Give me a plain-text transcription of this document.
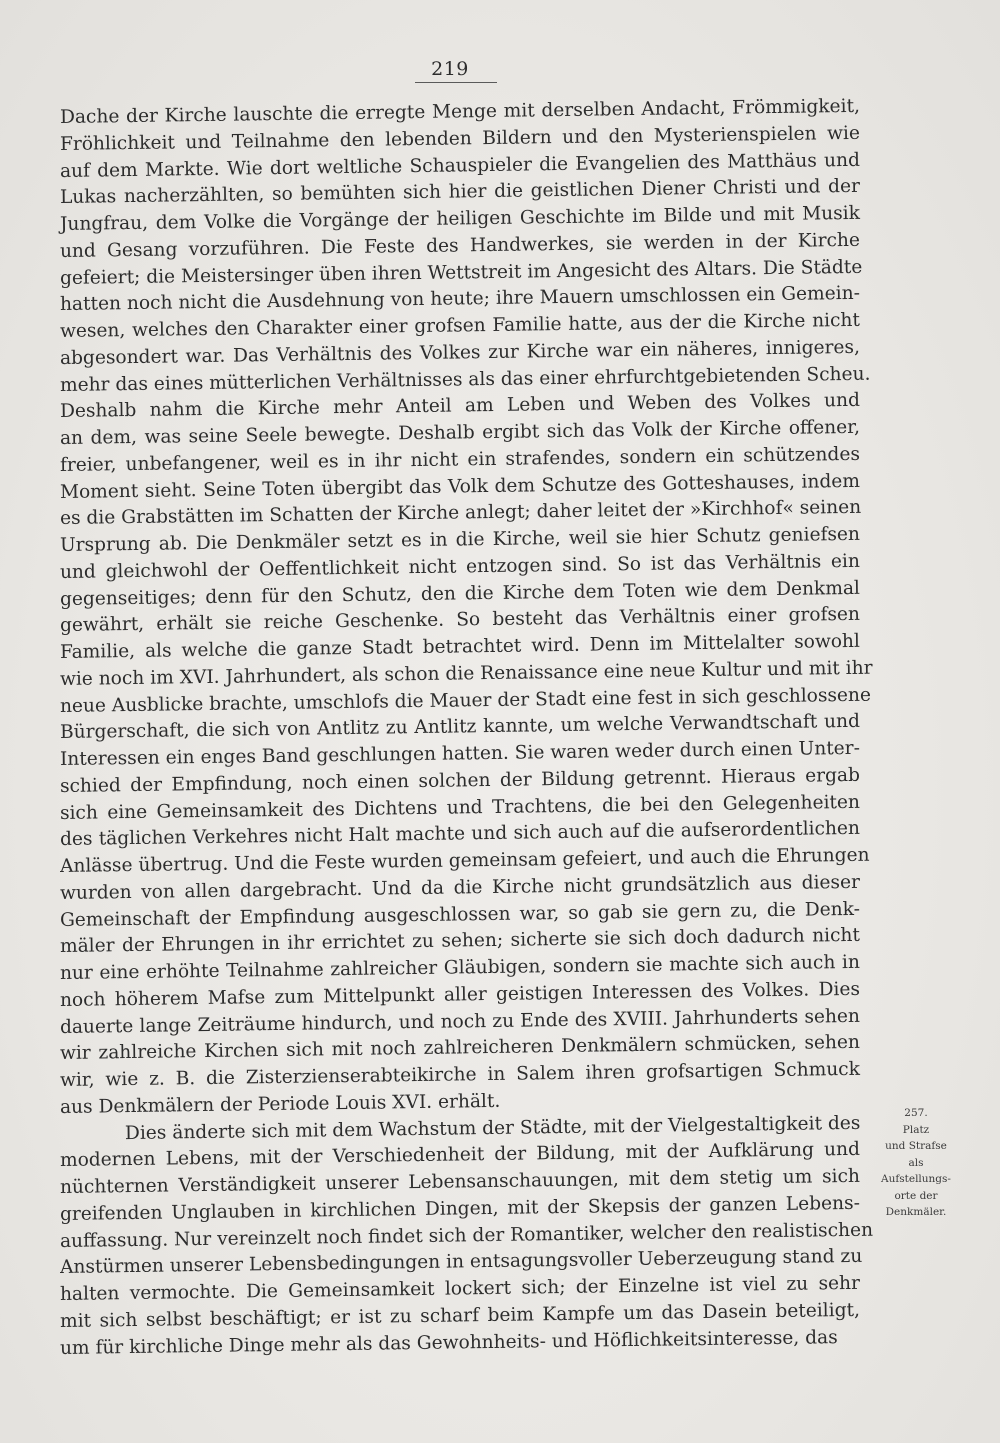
219
Dache der Kirche lauschte die erregte Menge mit derselben Andacht, Frömmigkeit,
Fröhlichkeit und Teilnahme den lebenden Bildern und den Mysterienspielen wie
auf dem Markte. Wie dort weltliche Schauspieler die Evangelien des Matthäus und
Lukas nacherzählten, so bemühten sich hier die geistlichen Diener Christi und der
Jungfrau, dem Volke die Vorgänge der heiligen Geschichte im Bilde und mit Musik
und Gesang vorzuführen. Die Feste des Handwerkes, sie werden in der Kirche
gefeiert; die Meistersinger üben ihren Wettstreit im Angesicht des Altars. Die Städte
hatten noch nicht die Ausdehnung von heute; ihre Mauern umschlossen ein Gemein-
wesen, welches den Charakter einer grofsen Familie hatte, aus der die Kirche nicht
abgesondert war. Das Verhältnis des Volkes zur Kirche war ein näheres, innigeres,
mehr das eines mütterlichen Verhältnisses als das einer ehrfurchtgebietenden Scheu.
Deshalb nahm die Kirche mehr Anteil am Leben und Weben des Volkes und
an dem, was seine Seele bewegte. Deshalb ergibt sich das Volk der Kirche offener,
freier, unbefangener, weil es in ihr nicht ein strafendes, sondern ein schützendes
Moment sieht. Seine Toten übergibt das Volk dem Schutze des Gotteshauses, indem
es die Grabstätten im Schatten der Kirche anlegt; daher leitet der »Kirchhof« seinen
Ursprung ab. Die Denkmäler setzt es in die Kirche, weil sie hier Schutz geniefsen
und gleichwohl der Oeffentlichkeit nicht entzogen sind. So ist das Verhältnis ein
gegenseitiges; denn für den Schutz, den die Kirche dem Toten wie dem Denkmal
gewährt, erhält sie reiche Geschenke. So besteht das Verhältnis einer grofsen
Familie, als welche die ganze Stadt betrachtet wird. Denn im Mittelalter sowohl
wie noch im XVI. Jahrhundert, als schon die Renaissance eine neue Kultur und mit ihr
neue Ausblicke brachte, umschlofs die Mauer der Stadt eine fest in sich geschlossene
Bürgerschaft, die sich von Antlitz zu Antlitz kannte, um welche Verwandtschaft und
Interessen ein enges Band geschlungen hatten. Sie waren weder durch einen Unter-
schied der Empfindung, noch einen solchen der Bildung getrennt. Hieraus ergab
sich eine Gemeinsamkeit des Dichtens und Trachtens, die bei den Gelegenheiten
des täglichen Verkehres nicht Halt machte und sich auch auf die aufserordentlichen
Anlässe übertrug. Und die Feste wurden gemeinsam gefeiert, und auch die Ehrungen
wurden von allen dargebracht. Und da die Kirche nicht grundsätzlich aus dieser
Gemeinschaft der Empfindung ausgeschlossen war, so gab sie gern zu, die Denk-
mäler der Ehrungen in ihr errichtet zu sehen; sicherte sie sich doch dadurch nicht
nur eine erhöhte Teilnahme zahlreicher Gläubigen, sondern sie machte sich auch in
noch höherem Mafse zum Mittelpunkt aller geistigen Interessen des Volkes. Dies
dauerte lange Zeiträume hindurch, und noch zu Ende des XVIII. Jahrhunderts sehen
wir zahlreiche Kirchen sich mit noch zahlreicheren Denkmälern schmücken, sehen
wir, wie z. B. die Zisterzienserabteikirche in Salem ihren grofsartigen Schmuck
aus Denkmälern der Periode Louis XVI. erhält.
Dies änderte sich mit dem Wachstum der Städte, mit der Vielgestaltigkeit des
modernen Lebens, mit der Verschiedenheit der Bildung, mit der Aufklärung und
nüchternen Verständigkeit unserer Lebensanschauungen, mit dem stetig um sich
greifenden Unglauben in kirchlichen Dingen, mit der Skepsis der ganzen Lebens-
auffassung. Nur vereinzelt noch findet sich der Romantiker, welcher den realistischen
Anstürmen unserer Lebensbedingungen in entsagungsvoller Ueberzeugung stand zu
halten vermochte. Die Gemeinsamkeit lockert sich; der Einzelne ist viel zu sehr
mit sich selbst beschäftigt; er ist zu scharf beim Kampfe um das Dasein beteiligt,
um für kirchliche Dinge mehr als das Gewohnheits- und Höflichkeitsinteresse, das
257.
Platz
und Strafse
als
Aufstellungs-
orte der
Denkmäler.
